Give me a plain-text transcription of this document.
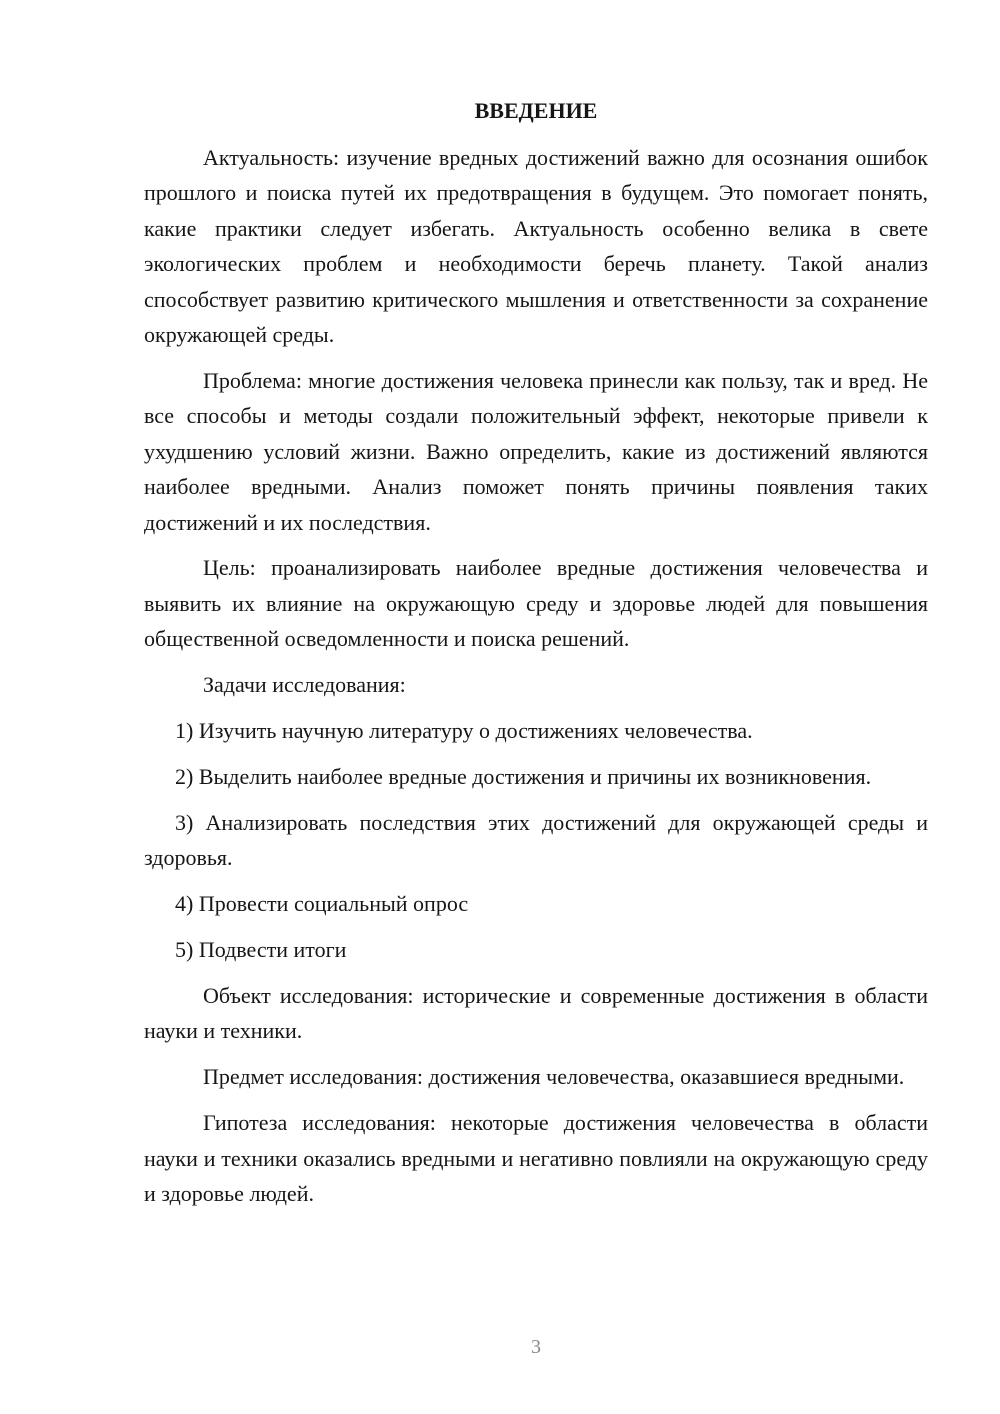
ВВЕДЕНИЕ

Актуальность: изучение вредных достижений важно для осознания ошибок прошлого и поиска путей их предотвращения в будущем. Это помогает понять, какие практики следует избегать. Актуальность особенно велика в свете экологических проблем и необходимости беречь планету. Такой анализ способствует развитию критического мышления и ответственности за сохранение окружающей среды.

Проблема: многие достижения человека принесли как пользу, так и вред. Не все способы и методы создали положительный эффект, некоторые привели к ухудшению условий жизни. Важно определить, какие из достижений являются наиболее вредными. Анализ поможет понять причины появления таких достижений и их последствия.

Цель: проанализировать наиболее вредные достижения человечества и выявить их влияние на окружающую среду и здоровье людей для повышения общественной осведомленности и поиска решений.

Задачи исследования:

1) Изучить научную литературу о достижениях человечества.

2) Выделить наиболее вредные достижения и причины их возникновения.

3) Анализировать последствия этих достижений для окружающей среды и здоровья.

4) Провести социальный опрос

5) Подвести итоги

Объект исследования: исторические и современные достижения в области науки и техники.

Предмет исследования: достижения человечества, оказавшиеся вредными.

Гипотеза исследования: некоторые достижения человечества в области науки и техники оказались вредными и негативно повлияли на окружающую среду и здоровье людей.

3
